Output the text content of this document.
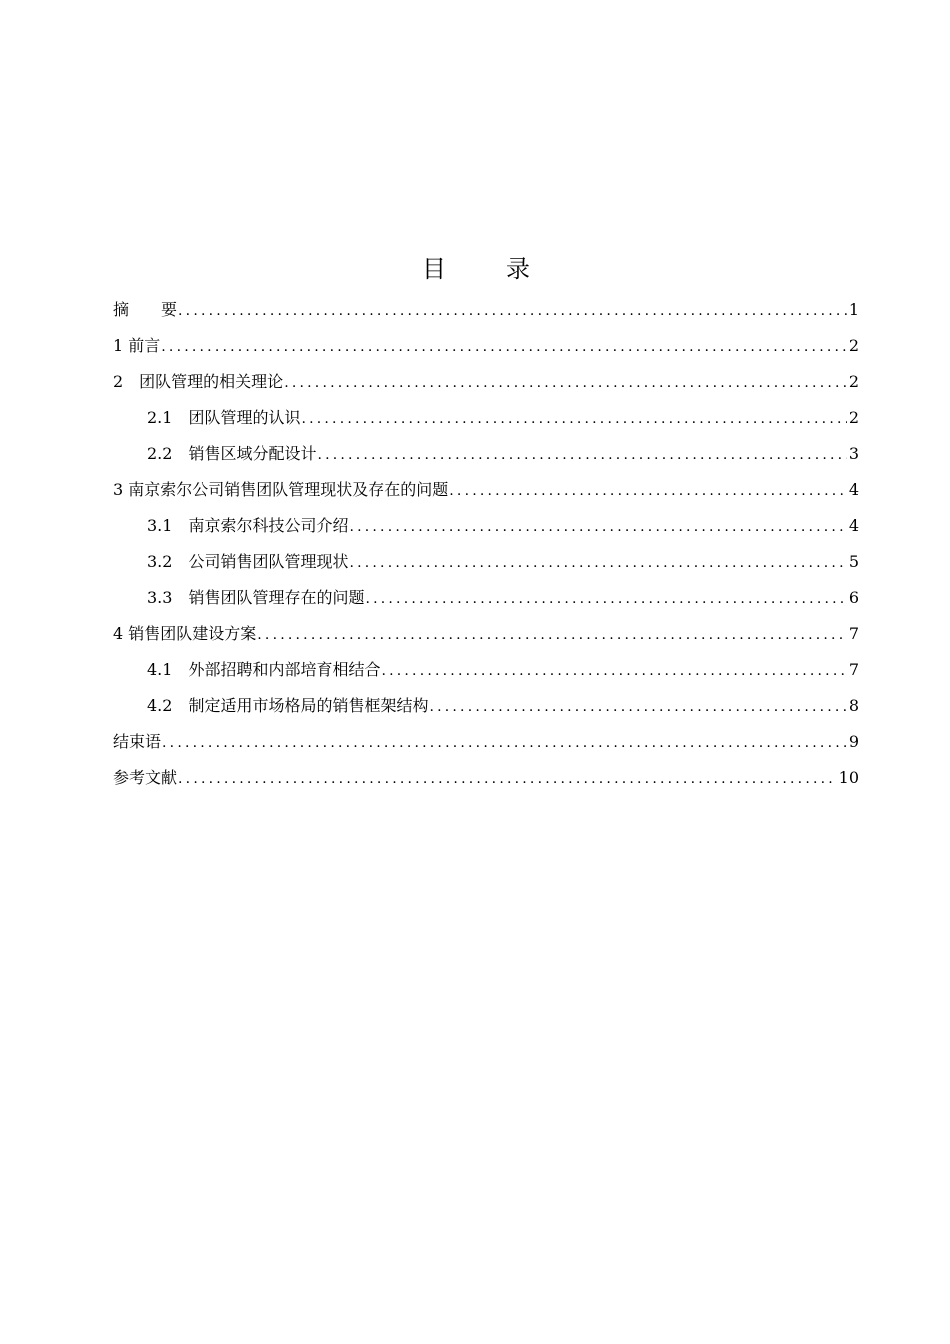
目　录
摘　　要 .....	1
1 前言 .....	2
2　团队管理的相关理论 .....	2
2.1　团队管理的认识 .....	2
2.2　销售区域分配设计 .....	3
3 南京索尔公司销售团队管理现状及存在的问题 .....	4
3.1　南京索尔科技公司介绍 .....	4
3.2　公司销售团队管理现状 .....	5
3.3　销售团队管理存在的问题 .....	6
4 销售团队建设方案 .....	7
4.1　外部招聘和内部培育相结合 .....	7
4.2　制定适用市场格局的销售框架结构 .....	8
结束语 .....	9
参考文献 .....	10
